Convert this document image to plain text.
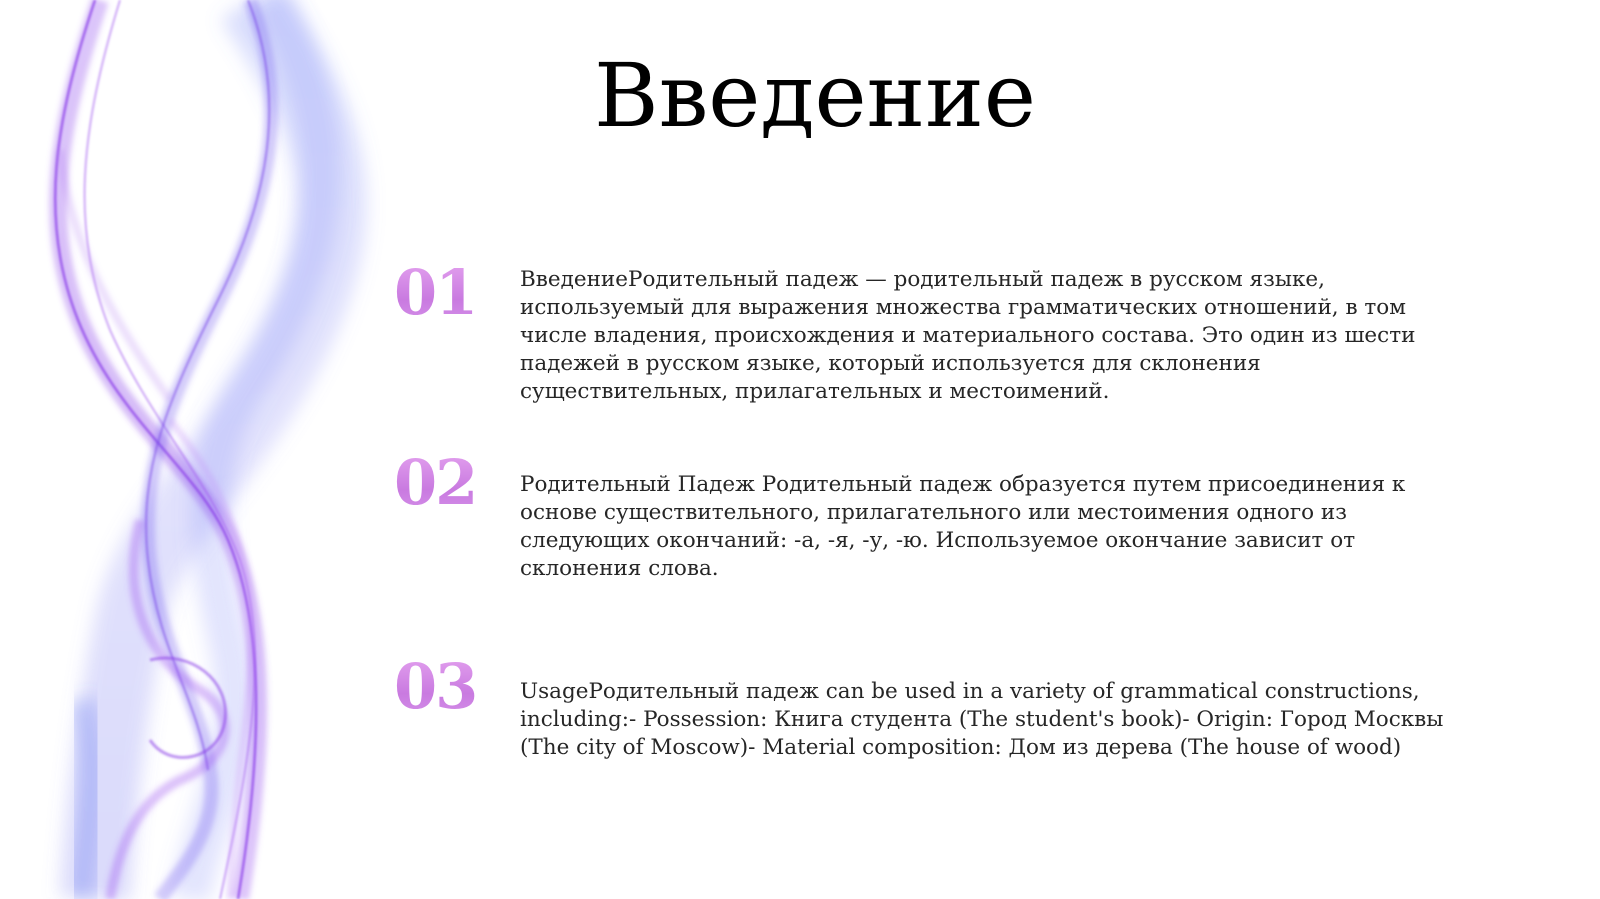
Введение
01 ВведениеРодительный падеж — родительный падеж в русском языке, используемый для выражения множества грамматических отношений, в том числе владения, происхождения и материального состава. Это один из шести падежей в русском языке, который используется для склонения существительных, прилагательных и местоимений.

02 Родительный Падеж Родительный падеж образуется путем присоединения к основе существительного, прилагательного или местоимения одного из следующих окончаний: -а, -я, -у, -ю. Используемое окончание зависит от склонения слова.

03 UsageРодительный падеж can be used in a variety of grammatical constructions, including:- Possession: Книга студента (The student's book)- Origin: Город Москвы (The city of Moscow)- Material composition: Дом из дерева (The house of wood)
